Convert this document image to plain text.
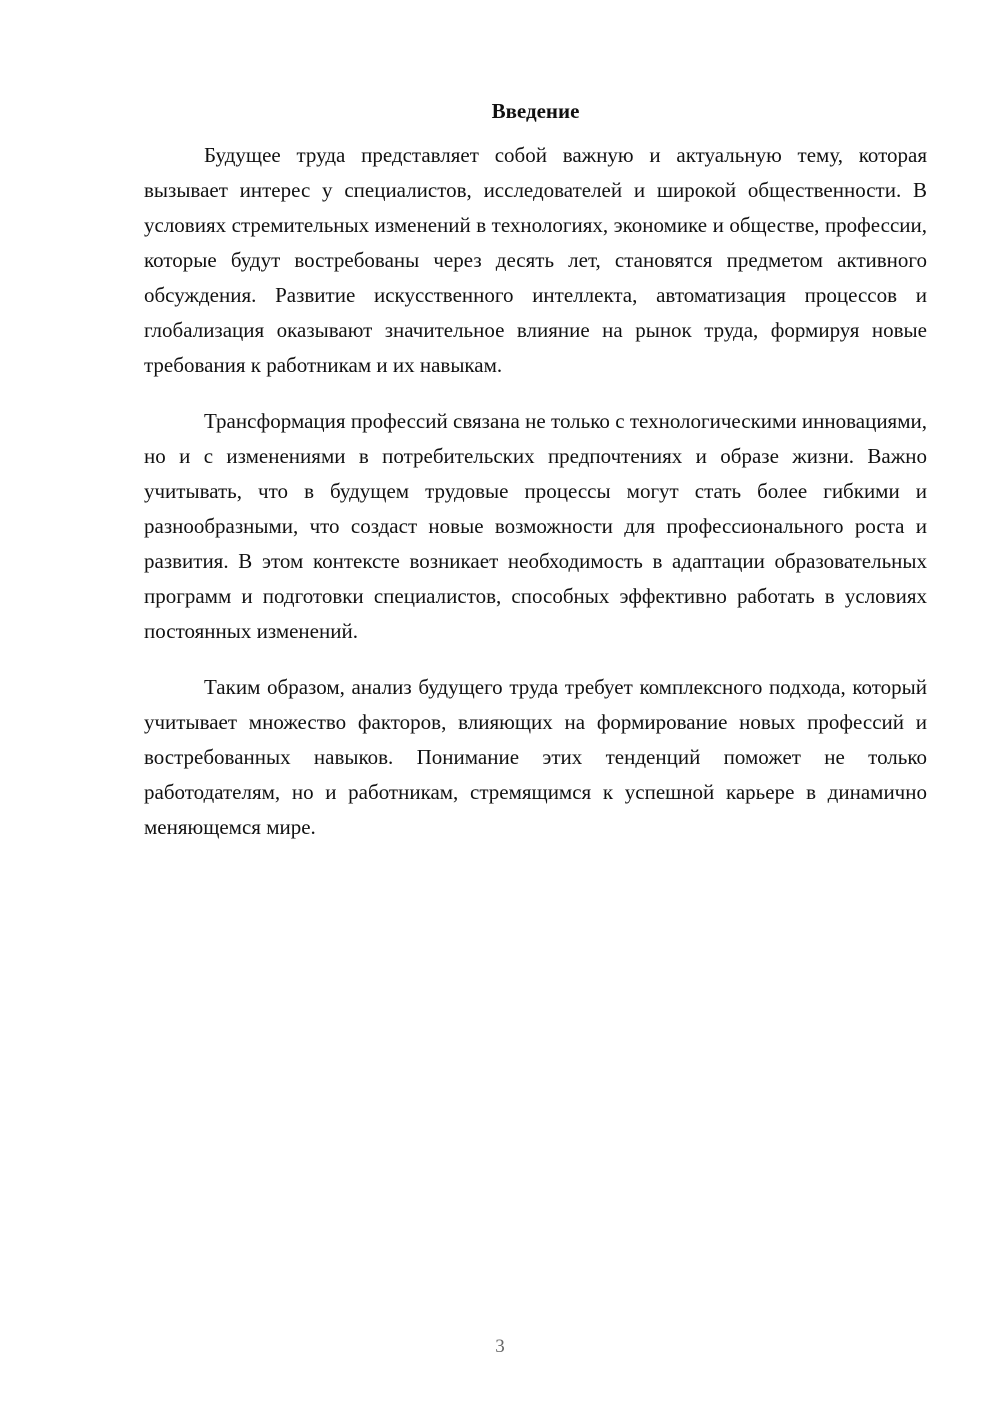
Введение

Будущее труда представляет собой важную и актуальную тему, которая вызывает интерес у специалистов, исследователей и широкой общественности. В условиях стремительных изменений в технологиях, экономике и обществе, профессии, которые будут востребованы через десять лет, становятся предметом активного обсуждения. Развитие искусственного интеллекта, автоматизация процессов и глобализация оказывают значительное влияние на рынок труда, формируя новые требования к работникам и их навыкам.

Трансформация профессий связана не только с технологическими инновациями, но и с изменениями в потребительских предпочтениях и образе жизни. Важно учитывать, что в будущем трудовые процессы могут стать более гибкими и разнообразными, что создаст новые возможности для профессионального роста и развития. В этом контексте возникает необходимость в адаптации образовательных программ и подготовки специалистов, способных эффективно работать в условиях постоянных изменений.

Таким образом, анализ будущего труда требует комплексного подхода, который учитывает множество факторов, влияющих на формирование новых профессий и востребованных навыков. Понимание этих тенденций поможет не только работодателям, но и работникам, стремящимся к успешной карьере в динамично меняющемся мире.

3
